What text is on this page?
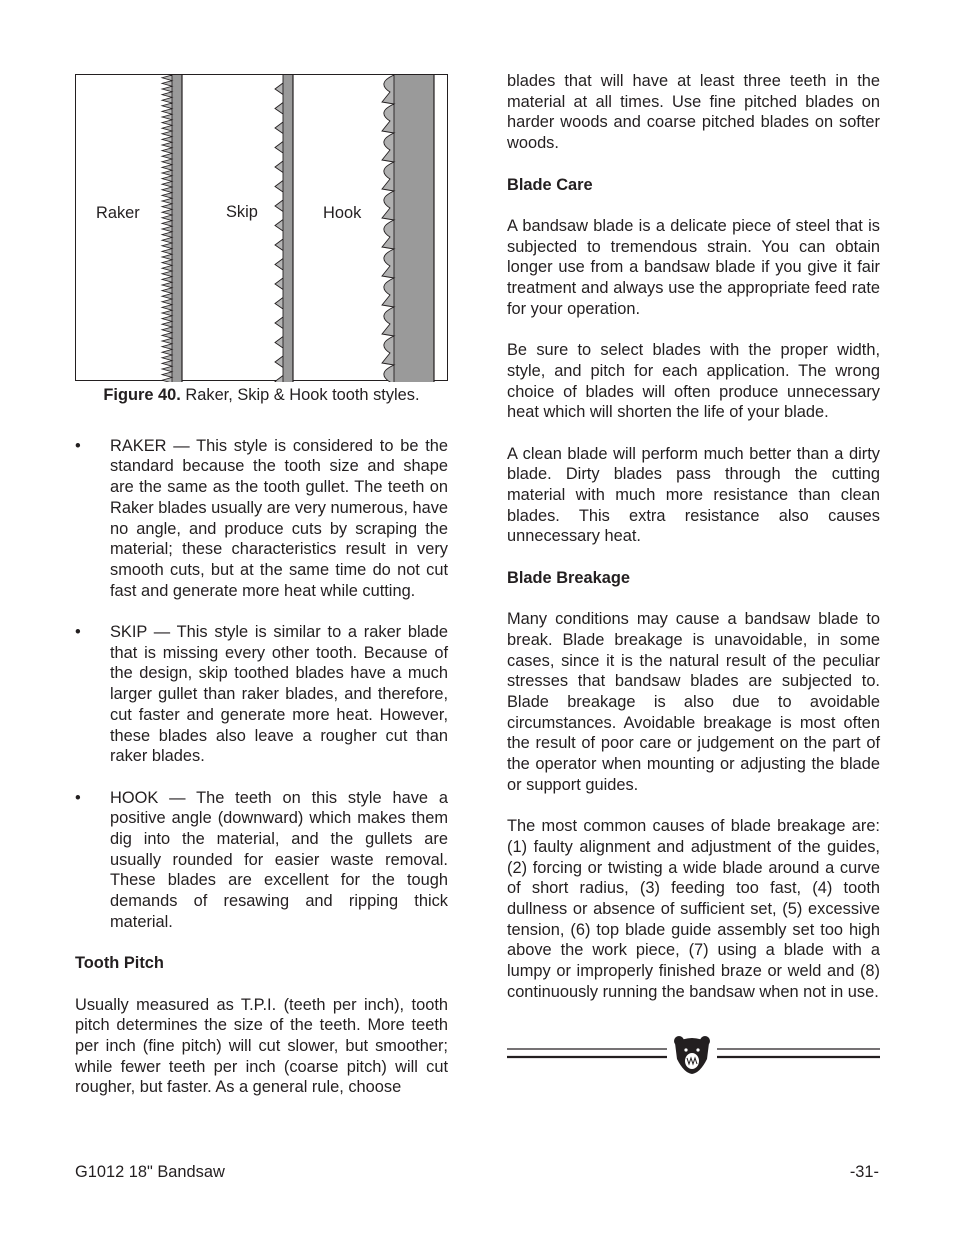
Raker	Skip	Hook
Figure 40. Raker, Skip & Hook tooth styles.
• RAKER — This style is considered to be the standard because the tooth size and shape are the same as the tooth gullet. The teeth on Raker blades usually are very numerous, have no angle, and produce cuts by scraping the material; these characteristics result in very smooth cuts, but at the same time do not cut fast and generate more heat while cutting.
• SKIP — This style is similar to a raker blade that is missing every other tooth. Because of the design, skip toothed blades have a much larger gullet than raker blades, and therefore, cut faster and generate more heat. However, these blades also leave a rougher cut than raker blades.
• HOOK — The teeth on this style have a positive angle (downward) which makes them dig into the material, and the gullets are usually rounded for easier waste removal. These blades are excellent for the tough demands of resawing and ripping thick material.
Tooth Pitch

Usually measured as T.P.I. (teeth per inch), tooth pitch determines the size of the teeth. More teeth per inch (fine pitch) will cut slower, but smoother; while fewer teeth per inch (coarse pitch) will cut rougher, but faster. As a general rule, choose

blades that will have at least three teeth in the material at all times. Use fine pitched blades on harder woods and coarse pitched blades on softer woods.
Blade Care

A bandsaw blade is a delicate piece of steel that is subjected to tremendous strain. You can obtain longer use from a bandsaw blade if you give it fair treatment and always use the appropriate feed rate for your operation.

Be sure to select blades with the proper width, style, and pitch for each application. The wrong choice of blades will often produce unnecessary heat which will shorten the life of your blade.

A clean blade will perform much better than a dirty blade. Dirty blades pass through the cutting material with much more resistance than clean blades. This extra resistance also causes unnecessary heat.

Blade Breakage

Many conditions may cause a bandsaw blade to break. Blade breakage is unavoidable, in some cases, since it is the natural result of the peculiar stresses that bandsaw blades are subjected to. Blade breakage is also due to avoidable circumstances. Avoidable breakage is most often the result of poor care or judgement on the part of the operator when mounting or adjusting the blade or support guides.

The most common causes of blade breakage are: (1) faulty alignment and adjustment of the guides, (2) forcing or twisting a wide blade around a curve of short radius, (3) feeding too fast, (4) tooth dullness or absence of sufficient set, (5) excessive tension, (6) top blade guide assembly set too high above the work piece, (7) using a blade with a lumpy or improperly finished braze or weld and (8) continuously running the bandsaw when not in use.

G1012 18" Bandsaw	-31-
